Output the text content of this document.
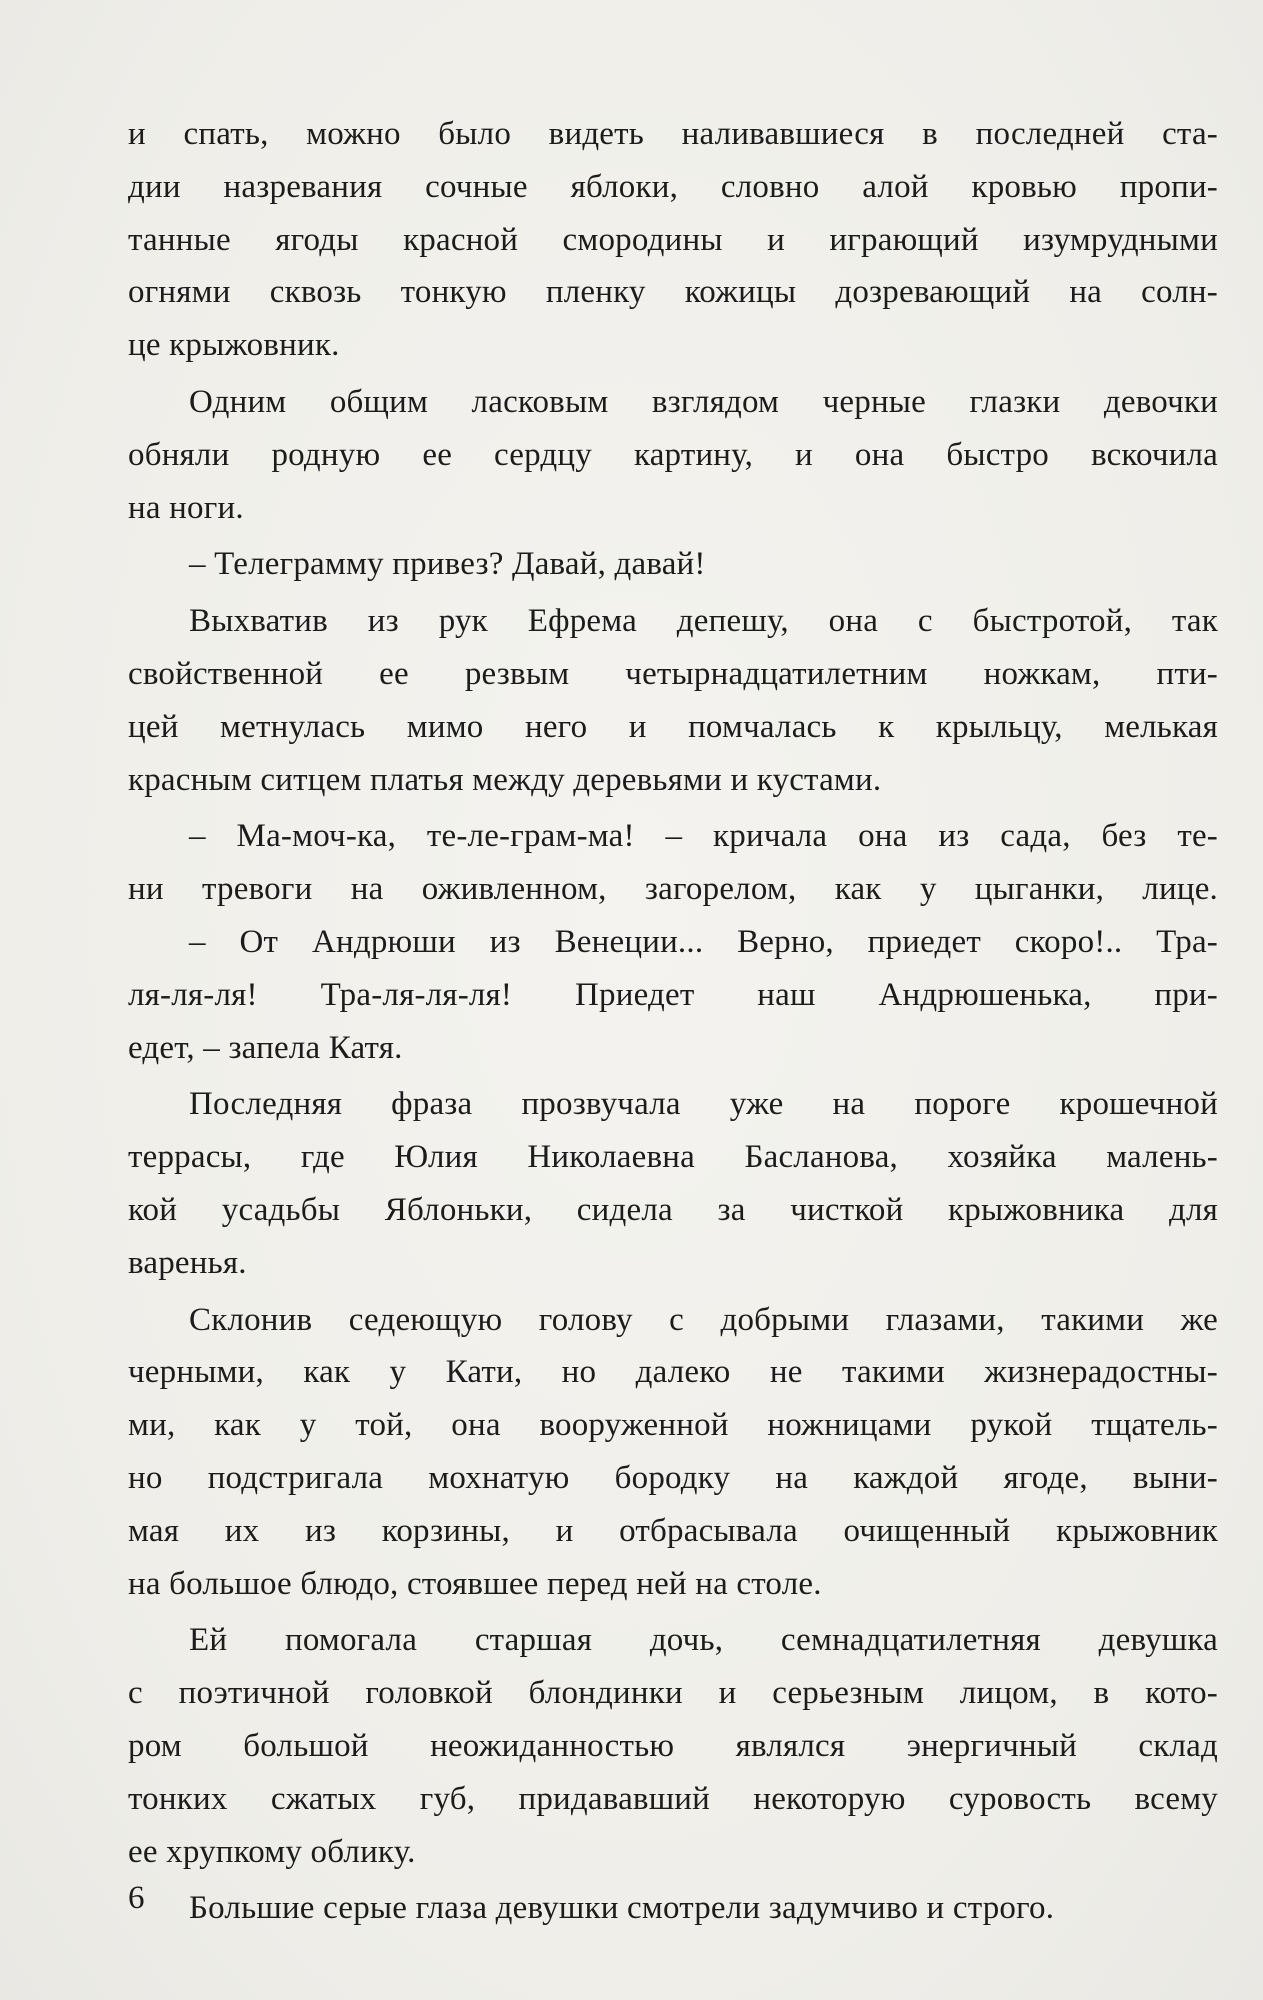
и спать, можно было видеть наливавшиеся в последней ста-
дии назревания сочные яблоки, словно алой кровью пропи-
танные ягоды красной смородины и играющий изумрудными
огнями сквозь тонкую пленку кожицы дозревающий на солн-
це крыжовник.
Одним общим ласковым взглядом черные глазки девочки
обняли родную ее сердцу картину, и она быстро вскочила
на ноги.
– Телеграмму привез? Давай, давай!
Выхватив из рук Ефрема депешу, она с быстротой, так
свойственной ее резвым четырнадцатилетним ножкам, пти-
цей метнулась мимо него и помчалась к крыльцу, мелькая
красным ситцем платья между деревьями и кустами.
– Ма-моч-ка, те-ле-грам-ма! – кричала она из сада, без те-
ни тревоги на оживленном, загорелом, как у цыганки, лице.
– От Андрюши из Венеции... Верно, приедет скоро!.. Тра-
ля-ля-ля! Тра-ля-ля-ля! Приедет наш Андрюшенька, при-
едет, – запела Катя.
Последняя фраза прозвучала уже на пороге крошечной
террасы, где Юлия Николаевна Басланова, хозяйка малень-
кой усадьбы Яблоньки, сидела за чисткой крыжовника для
варенья.
Склонив седеющую голову с добрыми глазами, такими же
черными, как у Кати, но далеко не такими жизнерадостны-
ми, как у той, она вооруженной ножницами рукой тщатель-
но подстригала мохнатую бородку на каждой ягоде, выни-
мая их из корзины, и отбрасывала очищенный крыжовник
на большое блюдо, стоявшее перед ней на столе.
Ей помогала старшая дочь, семнадцатилетняя девушка
с поэтичной головкой блондинки и серьезным лицом, в кото-
ром большой неожиданностью являлся энергичный склад
тонких сжатых губ, придававший некоторую суровость всему
ее хрупкому облику.
Большие серые глаза девушки смотрели задумчиво и строго.
6
